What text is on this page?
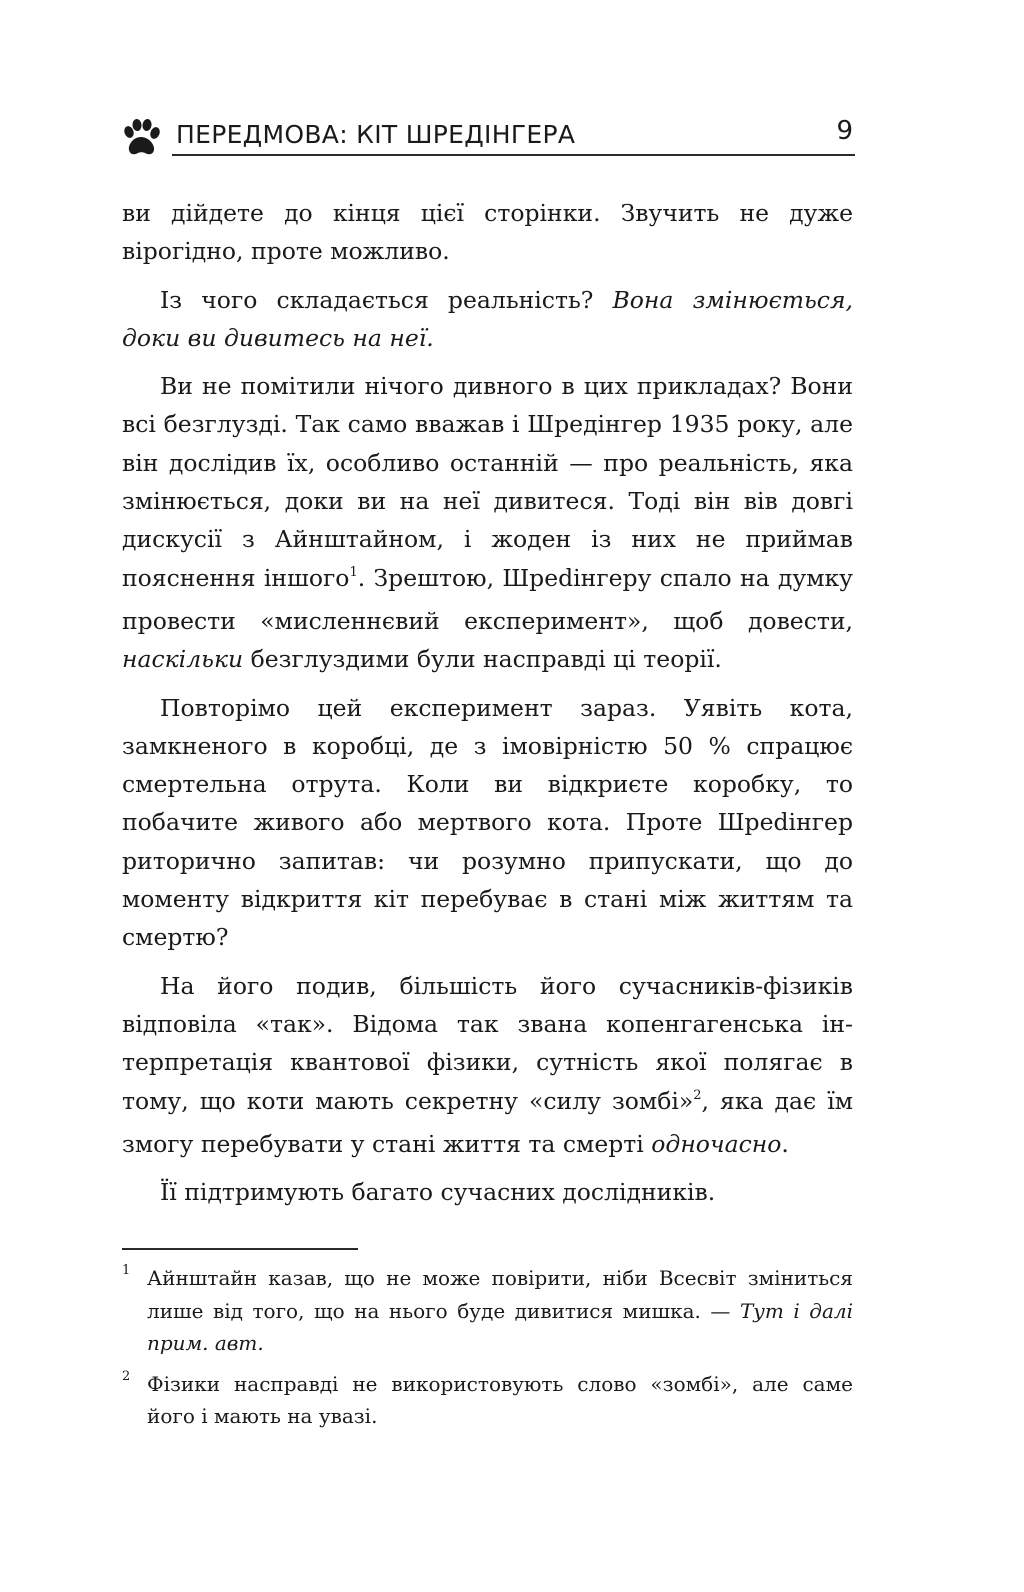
ПЕРЕДМОВА: КІТ ШРЕДІНГЕРА	9

ви дійдете до кінця цієї сторінки. Звучить не дуже вірогідно, проте можливо.

Із чого складається реальність? Вона змінюється, доки ви дивитесь на неї.

Ви не помітили нічого дивного в цих прикладах? Вони всі безглузді. Так само вважав і Шредінгер 1935 року, але він дослідив їх, особливо останній — про реальність, яка змінюється, доки ви на неї дивитеся. Тоді він вів довгі дискусії з Айнштайном, і жоден із них не приймав пояснення іншого$^1$. Зрештою, Шреdінгеру спало на думку провести «мисленнєвий експеримент», щоб довести, наскільки безглуздими були насправді ці теорії.

Повторімо цей експеримент зараз. Уявіть кота, замкненого в коробці, де з імовірністю 50 % спрацює смертельна отрута. Коли ви відкриєте коробку, то побачите живого або мертвого кота. Проте Шреdінгер риторично запитав: чи розумно припускати, що до моменту відкриття кіт перебуває в стані між життям та смертю?

На його подив, більшість його сучасників-фізиків відповіла «так». Відома так звана копенгагенська інтерпретація квантової фізики, сутність якої полягає в тому, що коти мають секретну «силу зомбі»$^2$, яка дає їм змогу перебувати у стані життя та смерті одночасно.

Її підтримують багато сучасних дослідників.

1 Айнштайн казав, що не може повірити, ніби Всесвіт зміниться лише від того, що на нього буде дивитися мишка. — Тут і далі прим. авт.

2 Фізики насправді не використовують слово «зомбі», але саме його і мають на увазі.
